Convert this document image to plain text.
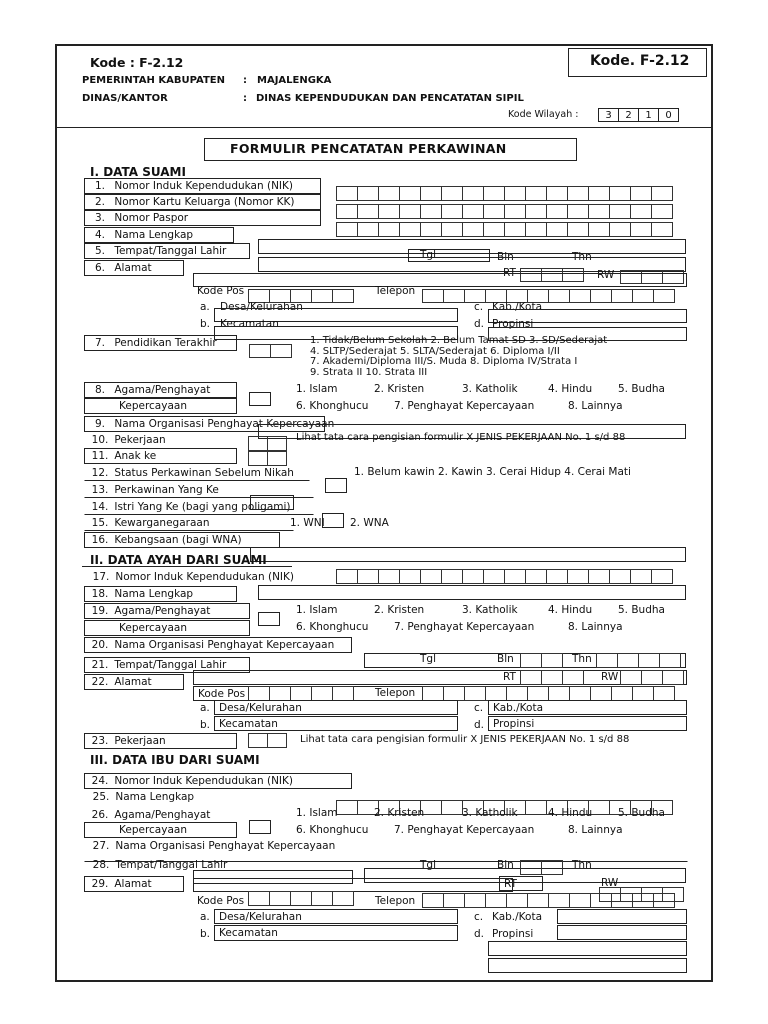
Kode : F-2.12	Kode. F-2.12
PEMERINTAH KABUPATEN : MAJALENGKA
DINAS/KANTOR	: DINAS KEPENDUDUKAN DAN PENCATATAN SIPIL
Kode Wilayah :	3	2	1	0
FORMULIR PENCATATAN PERKAWINAN
I. DATA SUAMI
1. Nomor Induk Kependudukan (NIK)
2. Nomor Kartu Keluarga (Nomor KK)
3. Nomor Paspor
4. Nama Lengkap
5. Tempat/Tanggal Lahir	Tgl	Bln	Thn
6. Alamat	RT	RW
Kode Pos	Telepon
a. Desa/Kelurahan	c. Kab./Kota
b. Kecamatan	d. Propinsi
7. Pendidikan Terakhir	1. Tidak/Belum Sekolah 2. Belum Tamat SD 3. SD/Sederajat
4. SLTP/Sederajat 5. SLTA/Sederajat 6. Diploma I/II
7. Akademi/Diploma III/S. Muda 8. Diploma IV/Strata I
9. Strata II 10. Strata III
8. Agama/Penghayat
Kepercayaan
1. Islam	2. Kristen	3. Katholik	4. Hindu 5. Budha
6. Khonghucu 7. Penghayat Kepercayaan	8. Lainnya
9. Nama Organisasi Penghayat Kepercayaan
10. Pekerjaan	Lihat tata cara pengisian formulir X JENIS PEKERJAAN No. 1 s/d 88
11. Anak ke
12. Status Perkawinan Sebelum Nikah	1. Belum kawin 2. Kawin 3. Cerai Hidup 4. Cerai Mati
13. Perkawinan Yang Ke
14. Istri Yang Ke (bagi yang poligami)
15. Kewarganegaraan	1. WNI 2. WNA
16. Kebangsaan (bagi WNA)
II. DATA AYAH DARI SUAMI
17. Nomor Induk Kependudukan (NIK)
18. Nama Lengkap
19. Agama/Penghayat
Kepercayaan
1. Islam	2. Kristen	3. Katholik	4. Hindu 5. Budha
6. Khonghucu 7. Penghayat Kepercayaan	8. Lainnya
20. Nama Organisasi Penghayat Kepercayaan
21. Tempat/Tanggal Lahir	Tgl	Bln	Thn
22. Alamat	RT	RW
Kode Pos	Telepon
a. Desa/Kelurahan	c. Kab./Kota
b. Kecamatan	d. Propinsi
23. Pekerjaan	Lihat tata cara pengisian formulir X JENIS PEKERJAAN No. 1 s/d 88
III. DATA IBU DARI SUAMI
24. Nomor Induk Kependudukan (NIK)
25. Nama Lengkap
26. Agama/Penghayat
Kepercayaan
1. Islam	2. Kristen	3. Katholik	4. Hindu 5. Budha
6. Khonghucu 7. Penghayat Kepercayaan	8. Lainnya
27. Nama Organisasi Penghayat Kepercayaan
28. Tempat/Tanggal Lahir	Tgl	Bln	Thn
29. Alamat	RT	RW
Kode Pos	Telepon
a. Desa/Kelurahan	c. Kab./Kota
b. Kecamatan	d. Propinsi
